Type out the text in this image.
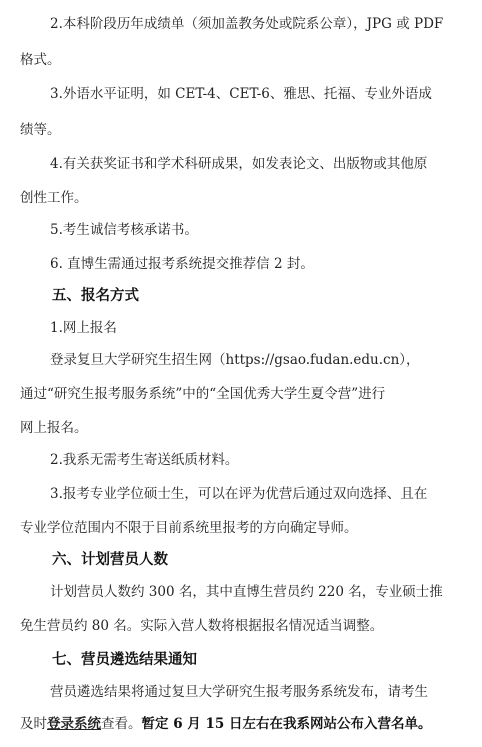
2.本科阶段历年成绩单（须加盖教务处或院系公章），JPG 或 PDF
格式。
3.外语水平证明，如 CET-4、CET-6、雅思、托福、专业外语成
绩等。
4.有关获奖证书和学术科研成果，如发表论文、出版物或其他原
创性工作。
5.考生诚信考核承诺书。
6. 直博生需通过报考系统提交推荐信 2 封。
五、报名方式
1.网上报名
登录复旦大学研究生招生网（https://gsao.fudan.edu.cn），
通过“研究生报考服务系统”中的“全国优秀大学生夏令营”进行
网上报名。
2.我系无需考生寄送纸质材料。
3.报考专业学位硕士生，可以在评为优营后通过双向选择、且在
专业学位范围内不限于目前系统里报考的方向确定导师。
六、计划营员人数
计划营员人数约 300 名，其中直博生营员约 220 名，专业硕士推
免生营员约 80 名。实际入营人数将根据报名情况适当调整。
七、营员遴选结果通知
营员遴选结果将通过复旦大学研究生报考服务系统发布，请考生
及时登录系统查看。暂定 6 月 15 日左右在我系网站公布入营名单。
